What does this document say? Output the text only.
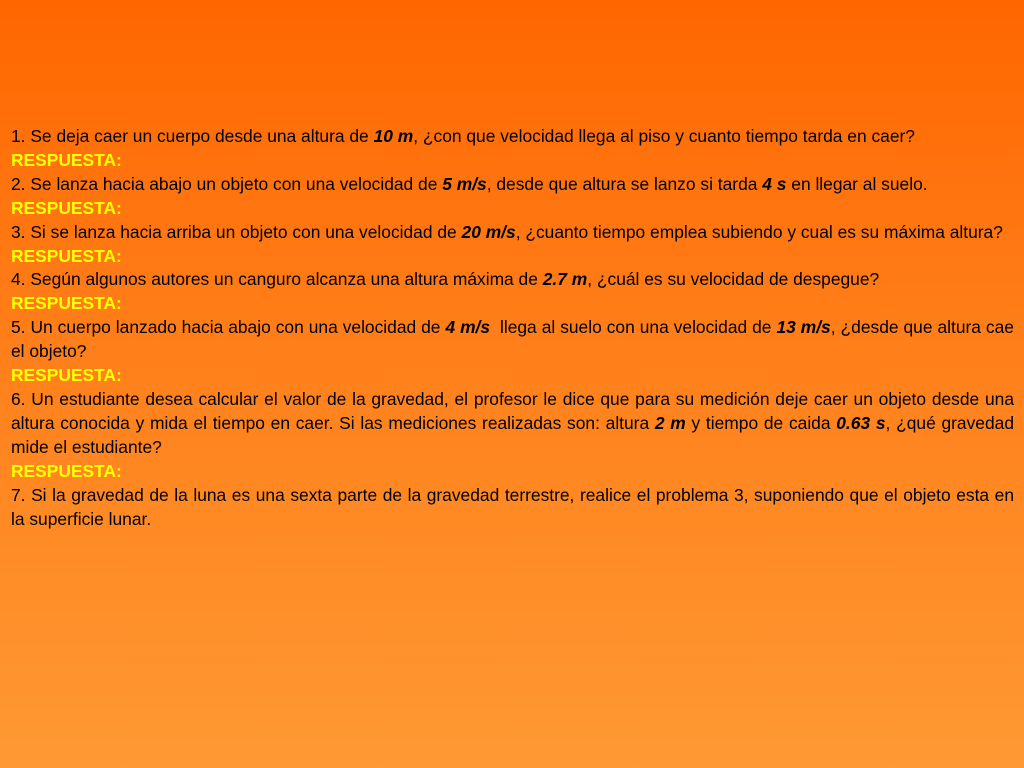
1. Se deja caer un cuerpo desde una altura de 10 m, ¿con que velocidad llega al piso y cuanto tiempo tarda en caer?

RESPUESTA:

2. Se lanza hacia abajo un objeto con una velocidad de 5 m/s, desde que altura se lanzo si tarda 4 s en llegar al suelo.

RESPUESTA:

3. Si se lanza hacia arriba un objeto con una velocidad de 20 m/s, ¿cuanto tiempo emplea subiendo y cual es su máxima altura?

RESPUESTA:

4. Según algunos autores un canguro alcanza una altura máxima de 2.7 m, ¿cuál es su velocidad de despegue?

RESPUESTA:

5. Un cuerpo lanzado hacia abajo con una velocidad de 4 m/s  llega al suelo con una velocidad de 13 m/s, ¿desde que altura cae el objeto?

RESPUESTA:

6. Un estudiante desea calcular el valor de la gravedad, el profesor le dice que para su medición deje caer un objeto desde una altura conocida y mida el tiempo en caer. Si las mediciones realizadas son: altura 2 m y tiempo de caida 0.63 s, ¿qué gravedad mide el estudiante?

RESPUESTA:

7. Si la gravedad de la luna es una sexta parte de la gravedad terrestre, realice el problema 3, suponiendo que el objeto esta en la superficie lunar.
